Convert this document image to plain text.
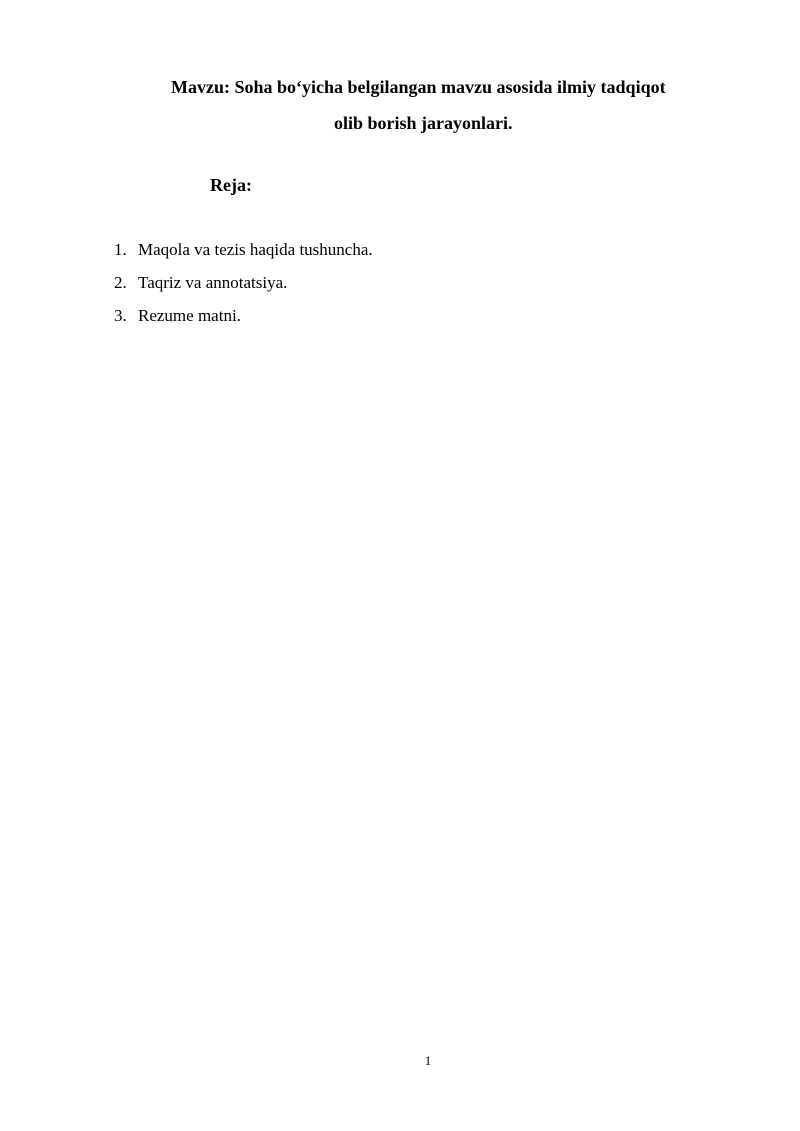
Mavzu: Soha bo‘yicha belgilangan mavzu asosida ilmiy tadqiqot
olib borish jarayonlari.
Reja:
1. Maqola va tezis haqida tushuncha.
2. Taqriz va annotatsiya.
3. Rezume matni.
1
